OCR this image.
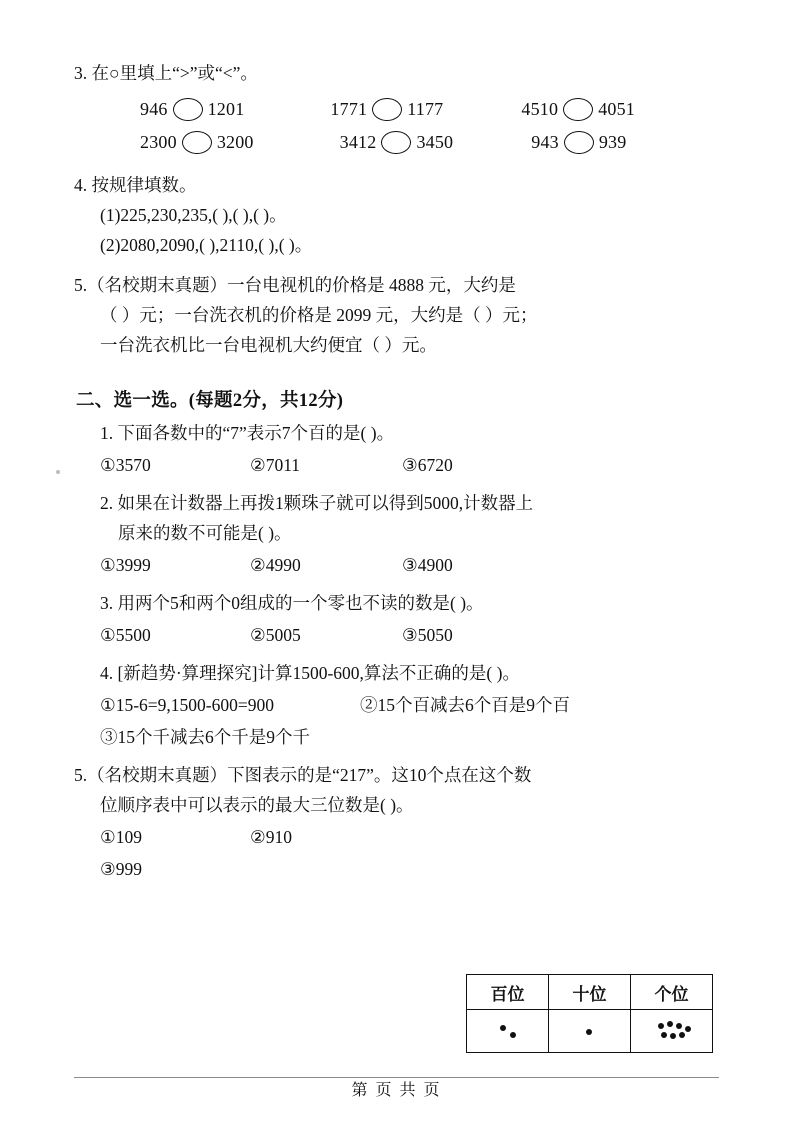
3. 在○里填上“>”或“<”。
946 1201	1771 1177	4510 4051
2300 3200	3412 3450	943 939
4. 按规律填数。
(1)225,230,235,( ),( ),( )。
(2)2080,2090,( ),2110,( ),( )。
5.（名校期末真题）一台电视机的价格是 4888 元，大约是
（ ）元；一台洗衣机的价格是 2099 元，大约是（ ）元；
一台洗衣机比一台电视机大约便宜（ ）元。
二、选一选。(每题2分，共12分)
1. 下面各数中的“7”表示7个百的是( )。
①3570	②7011	③6720
2. 如果在计数器上再拨1颗珠子就可以得到5000,计数器上
原来的数不可能是( )。
①3999	②4990	③4900
3. 用两个5和两个0组成的一个零也不读的数是( )。
①5500	②5005	③5050
4. [新趋势·算理探究]计算1500-600,算法不正确的是( )。
①15-6=9,1500-600=900	②15个百减去6个百是9个百
③15个千减去6个千是9个千
5.（名校期末真题）下图表示的是“217”。这10个点在这个数
位顺序表中可以表示的最大三位数是( )。
①109	②910
③999
百位	十位	个位

第 页 共 页
